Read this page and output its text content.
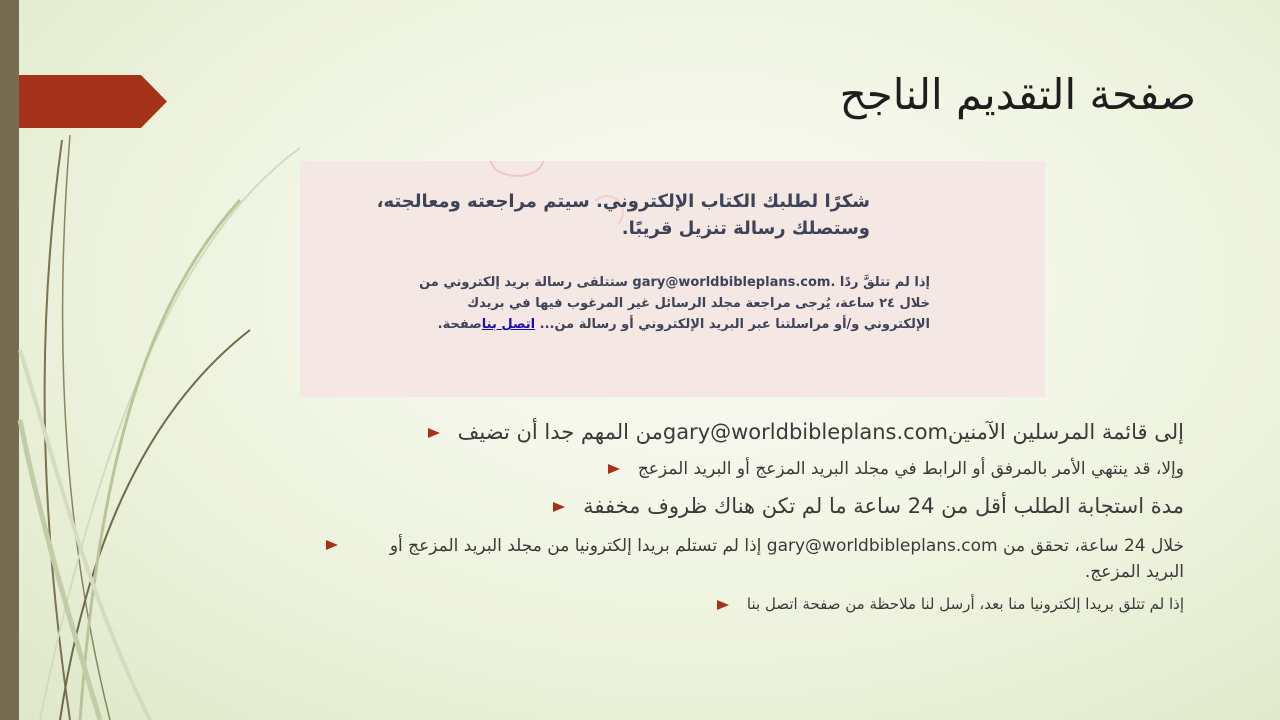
صفحة التقديم الناجح
شكرًا لطلبك الكتاب الإلكتروني. سيتم مراجعته ومعالجته،
وستصلك رسالة تنزيل قريبًا.
إذا لم تتلقَّ ردًا .gary@worldbibleplans.com ستتلقى رسالة بريد إلكتروني من
خلال ٢٤ ساعة، يُرجى مراجعة مجلد الرسائل غير المرغوب فيها في بريدك
الإلكتروني و/أو مراسلتنا عبر البريد الإلكتروني أو رسالة من... اتصل بناصفحة.
إلى قائمة المرسلين الآمنينgary@worldbibleplans.comمن المهم جدا أن تضيف
وإلا، قد ينتهي الأمر بالمرفق أو الرابط في مجلد البريد المزعج أو البريد المزعج
مدة استجابة الطلب أقل من 24 ساعة ما لم تكن هناك ظروف مخففة
خلال 24 ساعة، تحقق من gary@worldbibleplans.com إذا لم تستلم بريدا إلكترونيا من مجلد البريد المزعج أو البريد المزعج.
إذا لم تتلق بريدا إلكترونيا منا بعد، أرسل لنا ملاحظة من صفحة اتصل بنا
